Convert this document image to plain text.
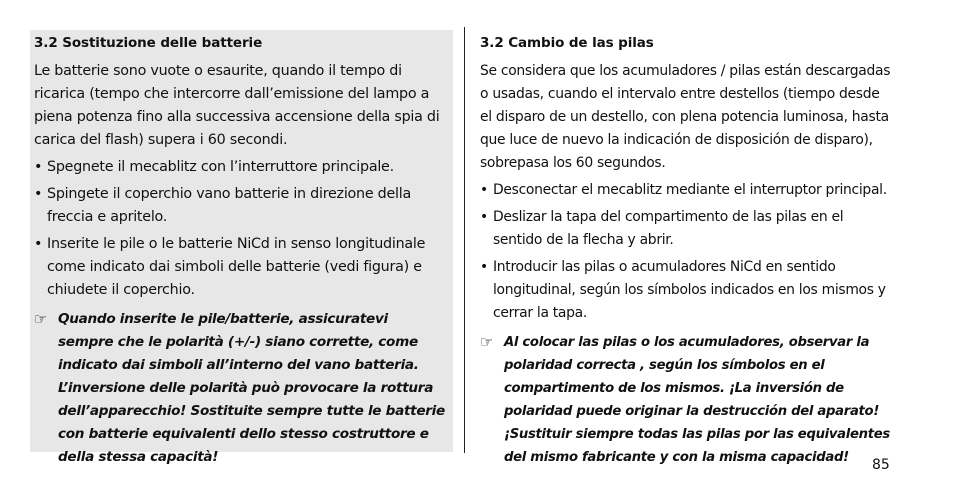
3.2 Sostituzione delle batterie
Le batterie sono vuote o esaurite, quando il tempo di ricarica (tempo che intercorre dall’emissione del lampo a piena potenza fino alla successiva accensione della spia di carica del flash) supera i 60 secondi.
• Spegnete il mecablitz con l’interruttore principale.
• Spingete il coperchio vano batterie in direzione della freccia e apritelo.
• Inserite le pile o le batterie NiCd in senso longitudinale come indicato dai simboli delle batterie (vedi figura) e chiudete il coperchio.
☞ Quando inserite le pile/batterie, assicuratevi sempre che le polarità (+/-) siano corrette, come indicato dai simboli all’interno del vano batteria. L’inversione delle polarità può provocare la rottura dell’apparecchio! Sostituite sempre tutte le batterie con batterie equivalenti dello stesso costruttore e della stessa capacità!
3.2 Cambio de las pilas
Se considera que los acumuladores / pilas están descargadas o usadas, cuando el intervalo entre destellos (tiempo desde el disparo de un destello, con plena potencia luminosa, hasta que luce de nuevo la indicación de disposición de disparo), sobrepasa los 60 segundos.
• Desconectar el mecablitz mediante el interruptor principal.
• Deslizar la tapa del compartimento de las pilas en el sentido de la flecha y abrir.
• Introducir las pilas o acumuladores NiCd en sentido longitudinal, según los símbolos indicados en los mismos y cerrar la tapa.
☞ Al colocar las pilas o los acumuladores, observar la polaridad correcta , según los símbolos en el compartimento de los mismos. ¡La inversión de polaridad puede originar la destrucción del aparato! ¡Sustituir siempre todas las pilas por las equivalentes del mismo fabricante y con la misma capacidad!	85
